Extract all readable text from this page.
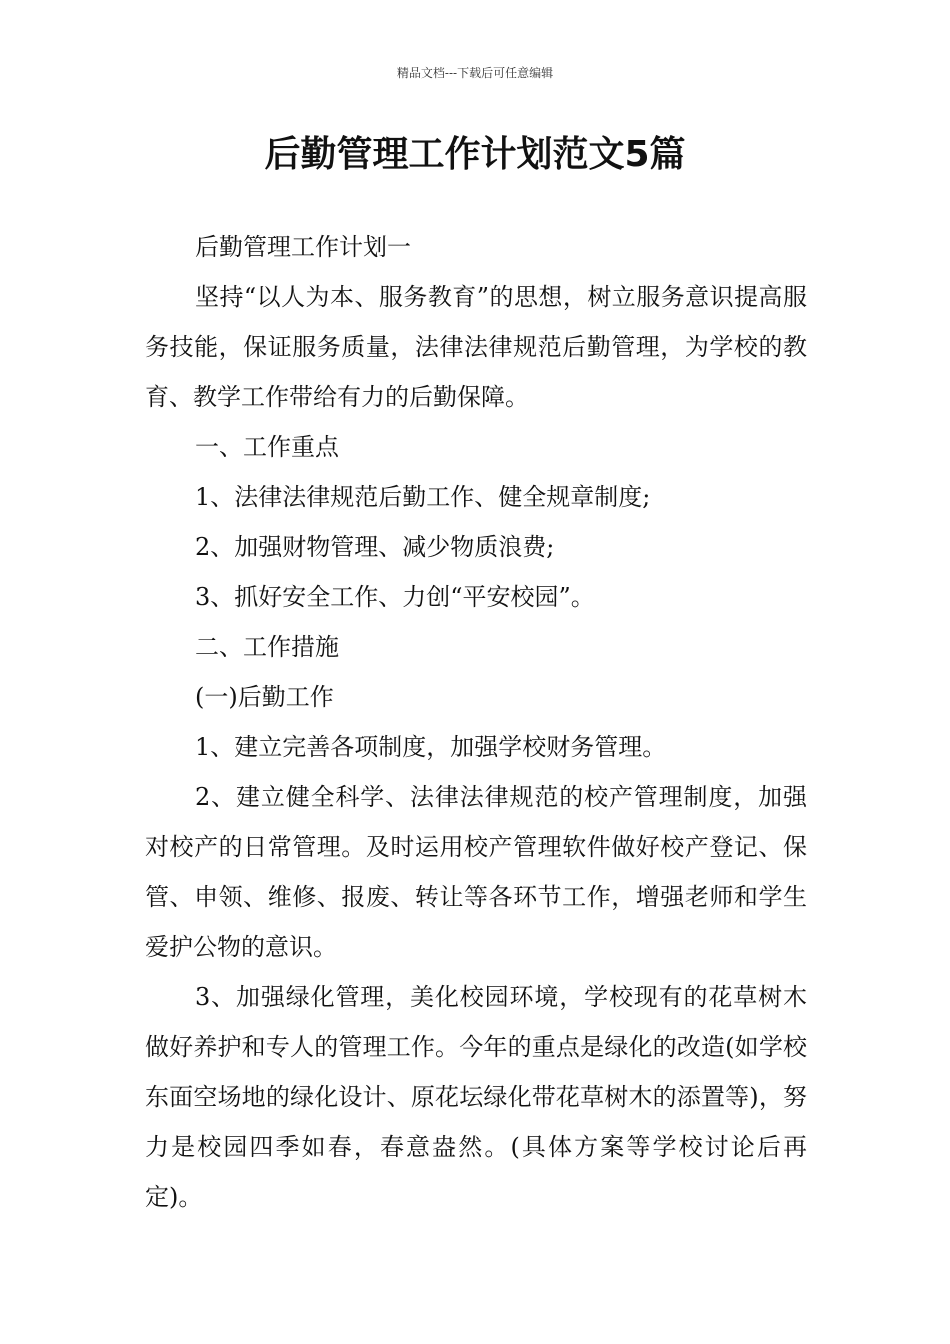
精品文档---下载后可任意编辑
后勤管理工作计划范文5篇

后勤管理工作计划一

坚持“以人为本、服务教育”的思想，树立服务意识提高服务技能，保证服务质量，法律法律规范后勤管理，为学校的教育、教学工作带给有力的后勤保障。

一、工作重点

1、法律法律规范后勤工作、健全规章制度;

2、加强财物管理、减少物质浪费;

3、抓好安全工作、力创“平安校园”。

二、工作措施

(一)后勤工作

1、建立完善各项制度，加强学校财务管理。

2、建立健全科学、法律法律规范的校产管理制度，加强对校产的日常管理。及时运用校产管理软件做好校产登记、保管、申领、维修、报废、转让等各环节工作，增强老师和学生爱护公物的意识。

3、加强绿化管理，美化校园环境，学校现有的花草树木做好养护和专人的管理工作。今年的重点是绿化的改造(如学校东面空场地的绿化设计、原花坛绿化带花草树木的添置等)，努力是校园四季如春，春意盎然。(具体方案等学校讨论后再定)。
